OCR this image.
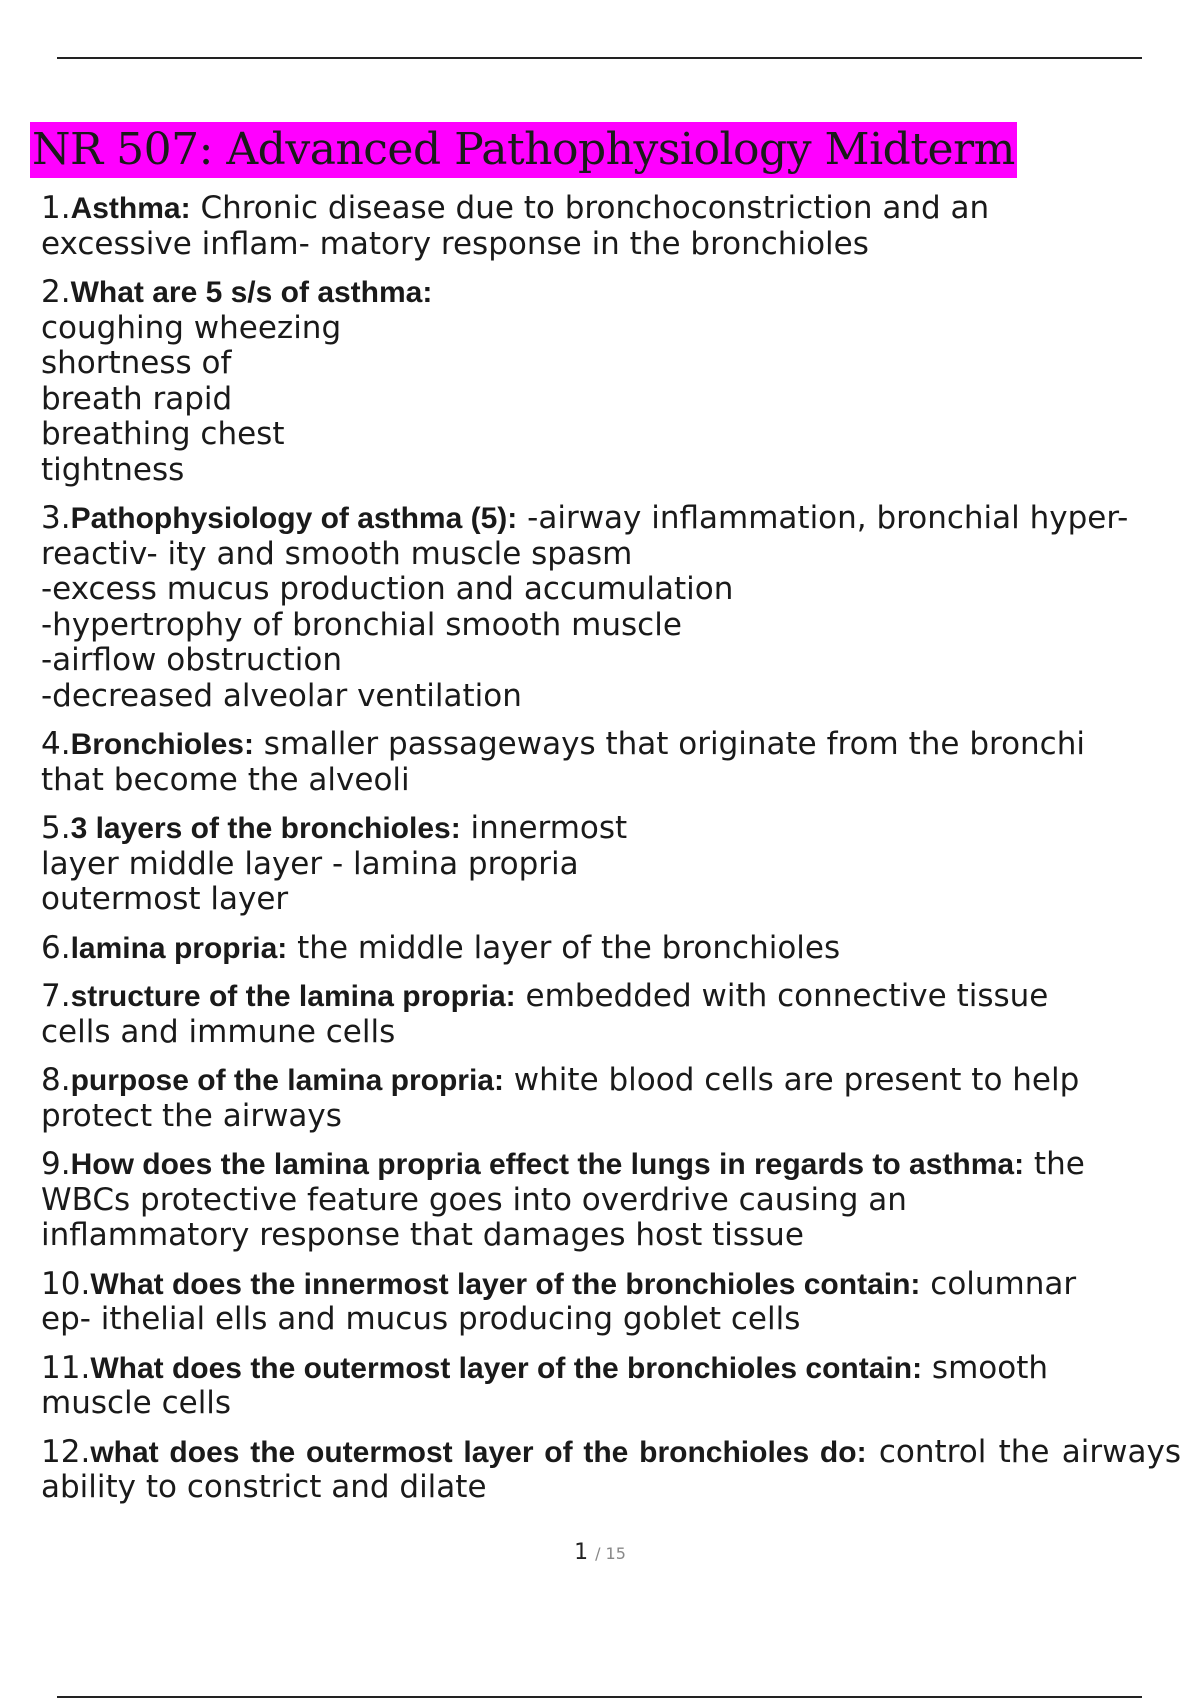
NR 507: Advanced Pathophysiology Midterm
1.Asthma: Chronic disease due to bronchoconstriction and an
excessive inflam- matory response in the bronchioles
2.What are 5 s/s of asthma:
coughing wheezing
shortness of
breath rapid
breathing chest
tightness
3.Pathophysiology of asthma (5): -airway inflammation, bronchial hyper-
reactiv- ity and smooth muscle spasm
-excess mucus production and accumulation
-hypertrophy of bronchial smooth muscle
-airflow obstruction
-decreased alveolar ventilation
4.Bronchioles: smaller passageways that originate from the bronchi
that become the alveoli
5.3 layers of the bronchioles: innermost
layer middle layer - lamina propria
outermost layer
6.lamina propria: the middle layer of the bronchioles
7.structure of the lamina propria: embedded with connective tissue
cells and immune cells
8.purpose of the lamina propria: white blood cells are present to help
protect the airways
9.How does the lamina propria effect the lungs in regards to asthma: the
WBCs protective feature goes into overdrive causing an
inflammatory response that damages host tissue
10.What does the innermost layer of the bronchioles contain: columnar
ep- ithelial ells and mucus producing goblet cells
11.What does the outermost layer of the bronchioles contain: smooth
muscle cells
12.what does the outermost layer of the bronchioles do: control the airways ability to constrict and dilate
1 / 15
